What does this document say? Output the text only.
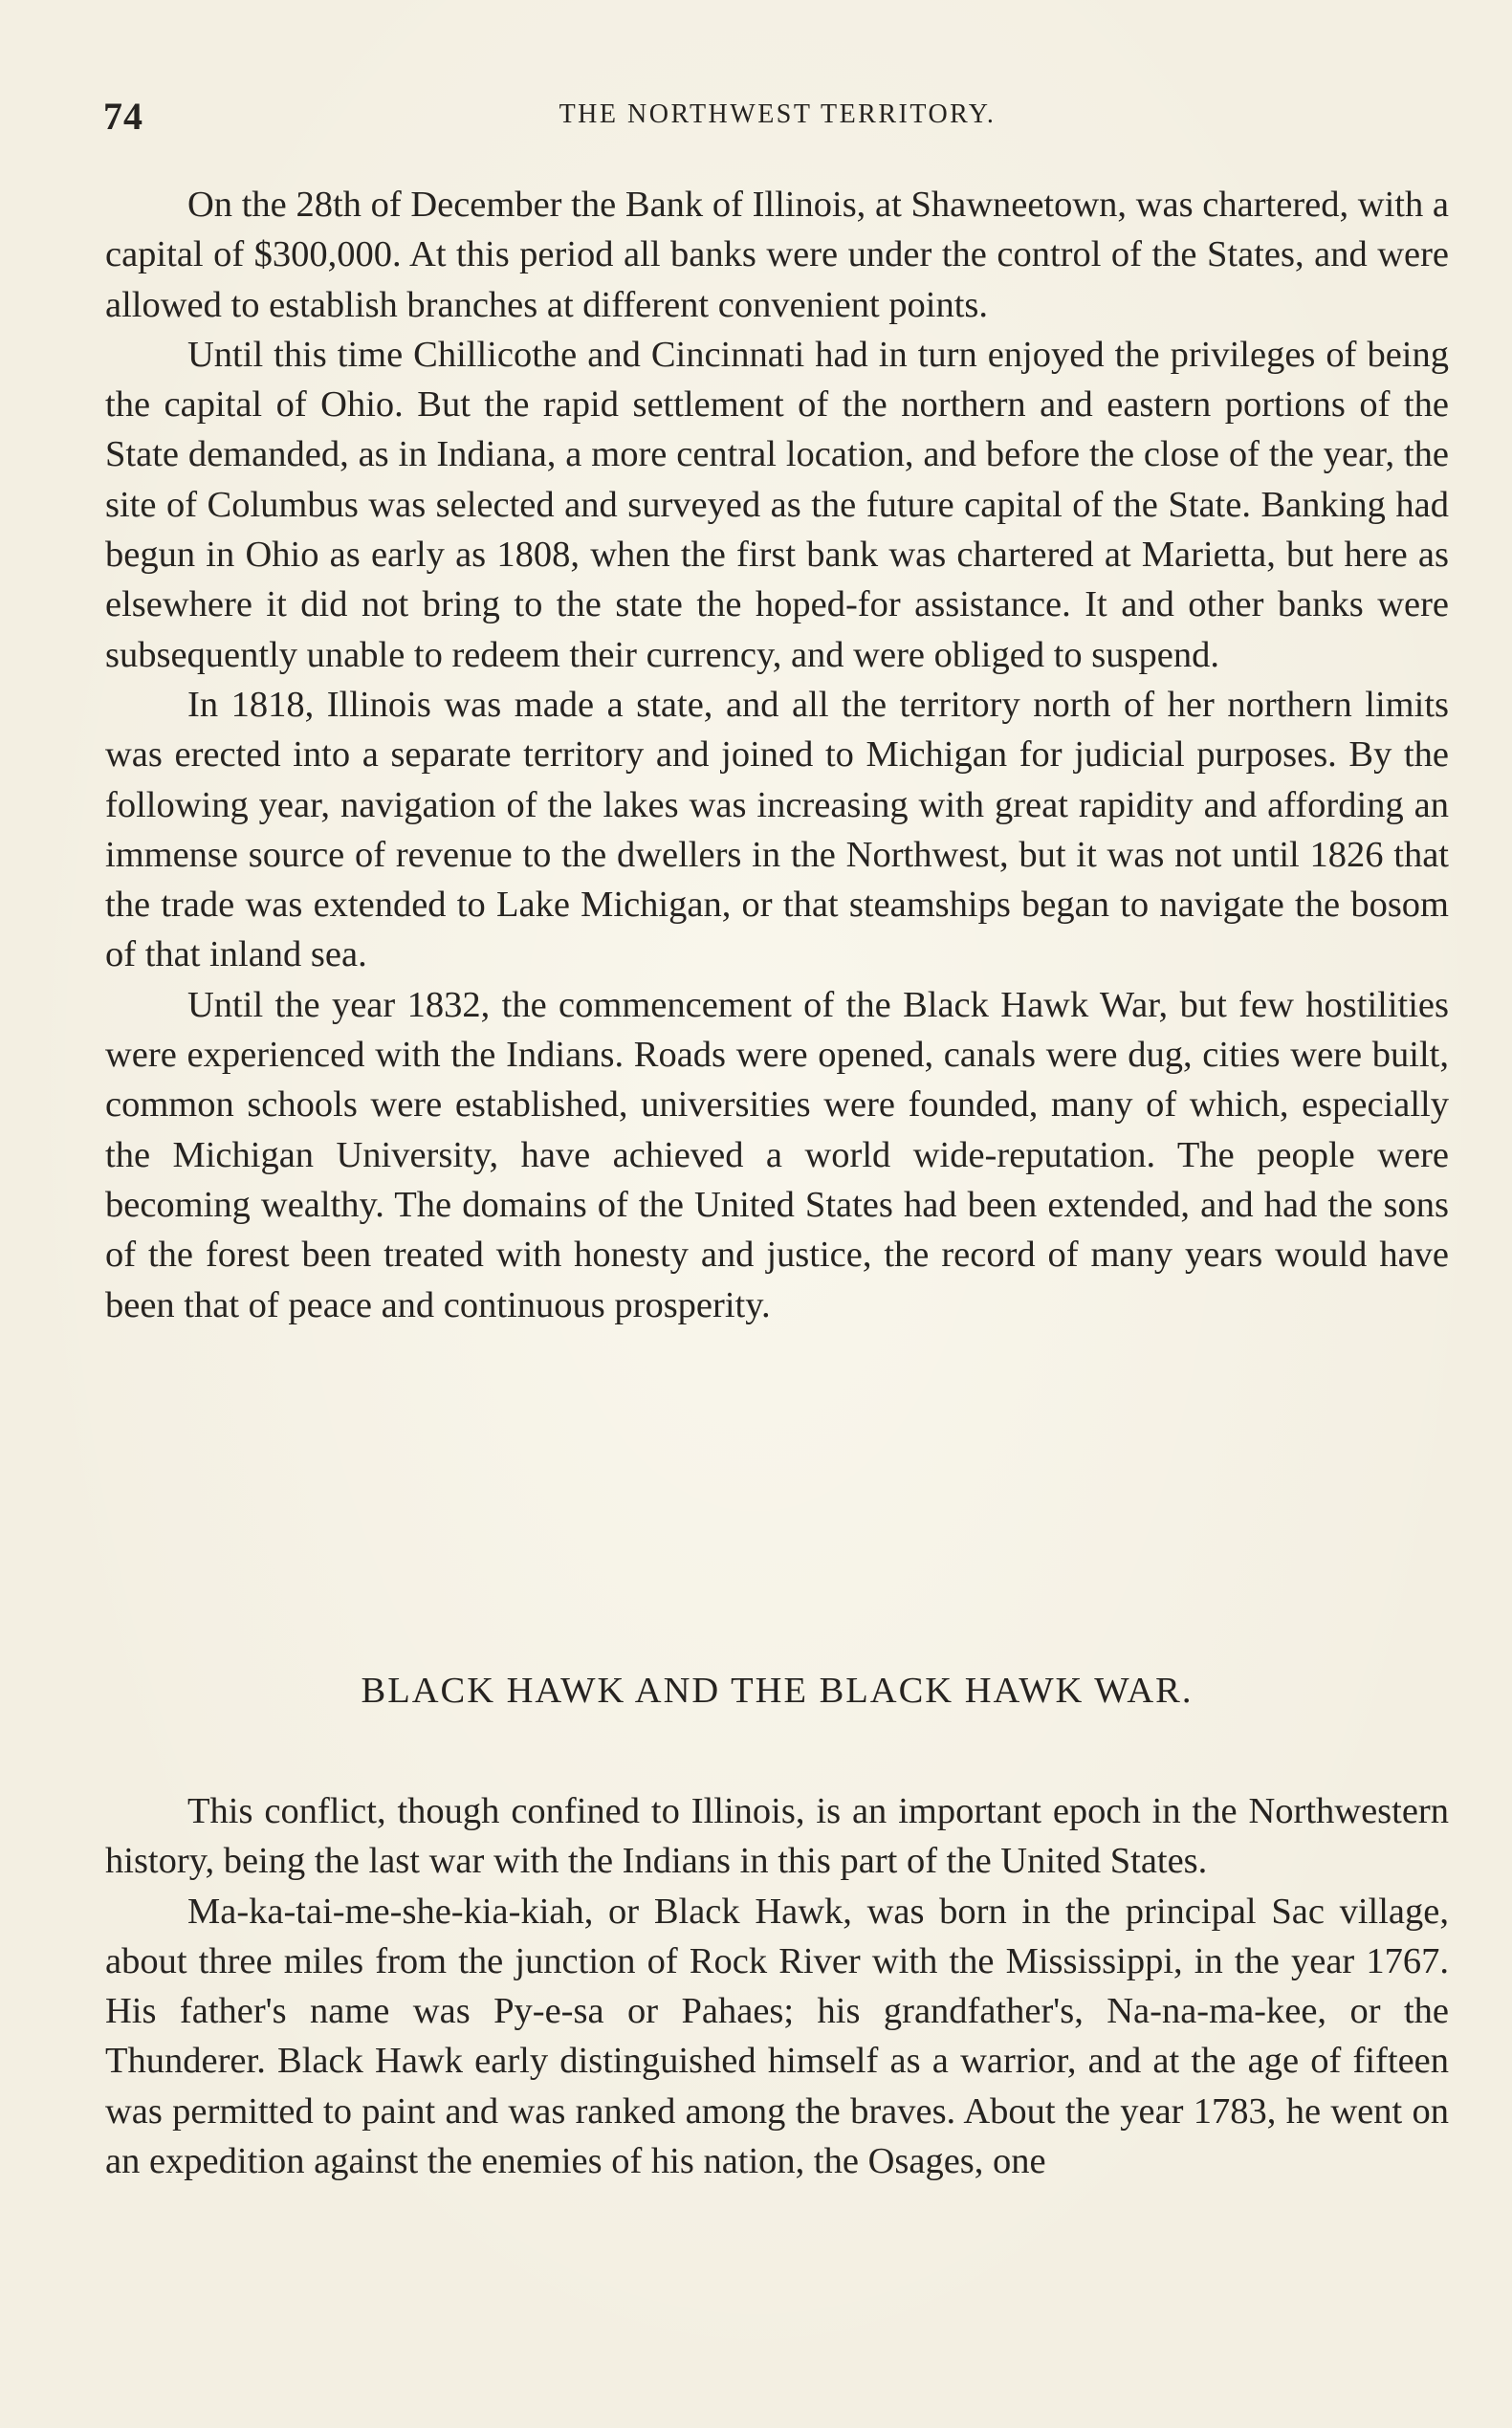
74	THE NORTHWEST TERRITORY.

On the 28th of December the Bank of Illinois, at Shawneetown, was chartered, with a capital of $300,000. At this period all banks were under the control of the States, and were allowed to establish branches at different convenient points.

Until this time Chillicothe and Cincinnati had in turn enjoyed the privileges of being the capital of Ohio. But the rapid settlement of the northern and eastern portions of the State demanded, as in Indiana, a more central location, and before the close of the year, the site of Columbus was selected and surveyed as the future capital of the State. Banking had begun in Ohio as early as 1808, when the first bank was chartered at Marietta, but here as elsewhere it did not bring to the state the hoped-for assistance. It and other banks were subsequently unable to redeem their currency, and were obliged to suspend.

In 1818, Illinois was made a state, and all the territory north of her northern limits was erected into a separate territory and joined to Michigan for judicial purposes. By the following year, navigation of the lakes was increasing with great rapidity and affording an immense source of revenue to the dwellers in the Northwest, but it was not until 1826 that the trade was extended to Lake Michigan, or that steamships began to navigate the bosom of that inland sea.

Until the year 1832, the commencement of the Black Hawk War, but few hostilities were experienced with the Indians. Roads were opened, canals were dug, cities were built, common schools were established, universities were founded, many of which, especially the Michigan University, have achieved a world wide-reputation. The people were becoming wealthy. The domains of the United States had been extended, and had the sons of the forest been treated with honesty and justice, the record of many years would have been that of peace and continuous prosperity.

BLACK HAWK AND THE BLACK HAWK WAR.

This conflict, though confined to Illinois, is an important epoch in the Northwestern history, being the last war with the Indians in this part of the United States.

Ma-ka-tai-me-she-kia-kiah, or Black Hawk, was born in the principal Sac village, about three miles from the junction of Rock River with the Mississippi, in the year 1767. His father's name was Py-e-sa or Pahaes; his grandfather's, Na-na-ma-kee, or the Thunderer. Black Hawk early distinguished himself as a warrior, and at the age of fifteen was permitted to paint and was ranked among the braves. About the year 1783, he went on an expedition against the enemies of his nation, the Osages, one
